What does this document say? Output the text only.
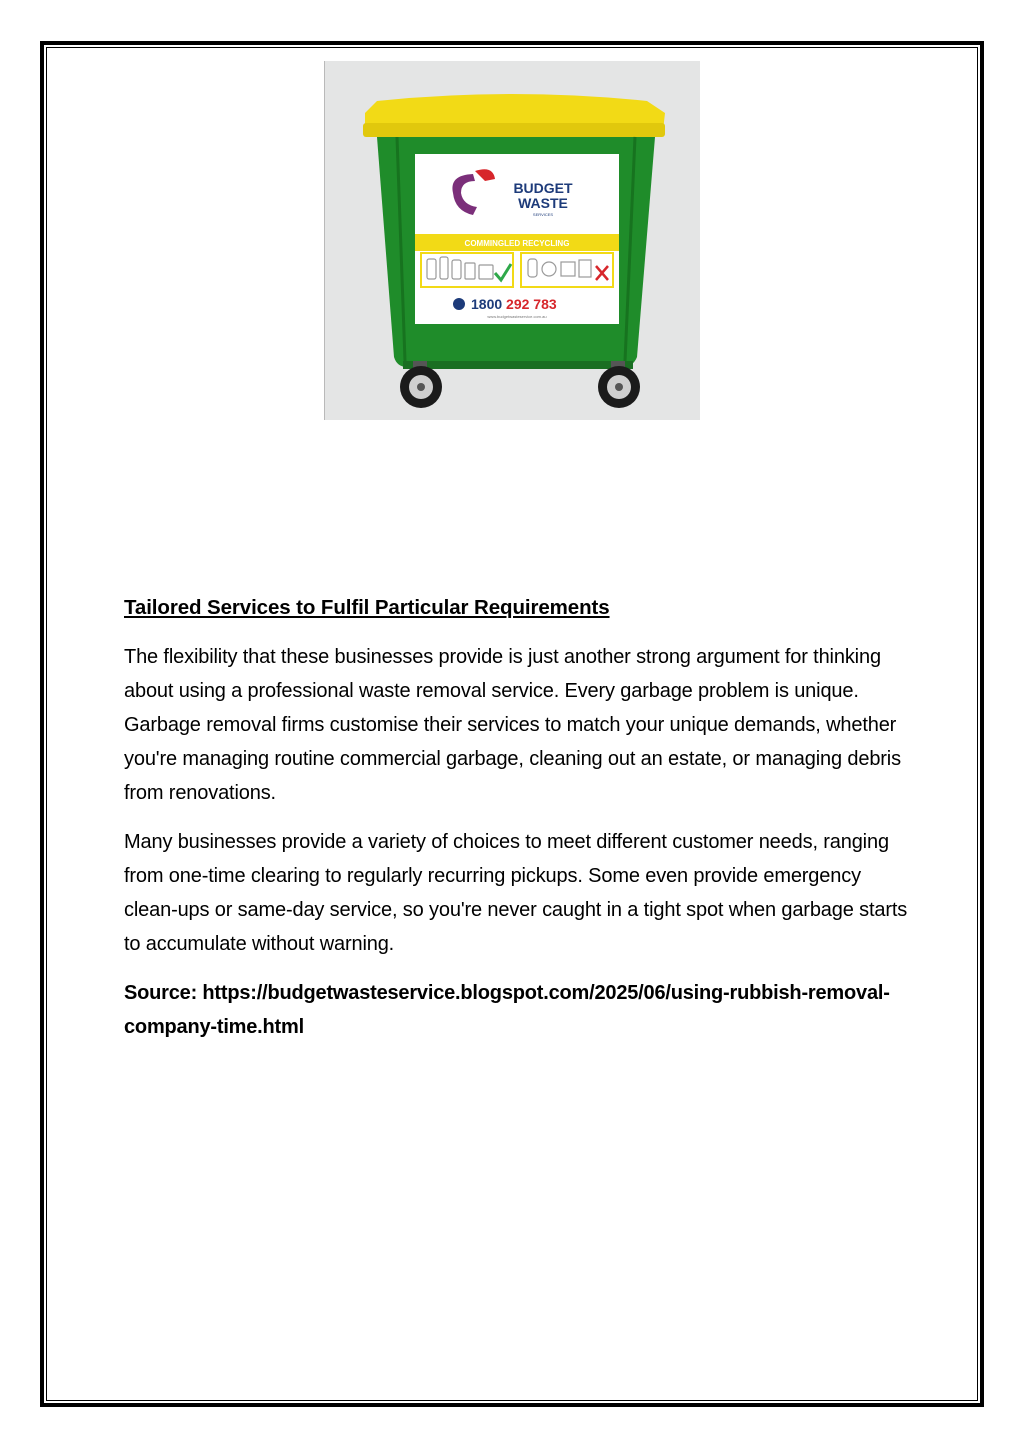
BUDGET
WASTE
SERVICES
COMMINGLED RECYCLING
1800 292 783
www.budgetwasteservice.com.au
Tailored Services to Fulfil Particular Requirements

The flexibility that these businesses provide is just another strong argument for thinking about using a professional waste removal service. Every garbage problem is unique. Garbage removal firms customise their services to match your unique demands, whether you're managing routine commercial garbage, cleaning out an estate, or managing debris from renovations.

Many businesses provide a variety of choices to meet different customer needs, ranging from one-time clearing to regularly recurring pickups. Some even provide emergency clean-ups or same-day service, so you're never caught in a tight spot when garbage starts to accumulate without warning.

Source: https://budgetwasteservice.blogspot.com/2025/06/using-rubbish-removal-company-time.html
